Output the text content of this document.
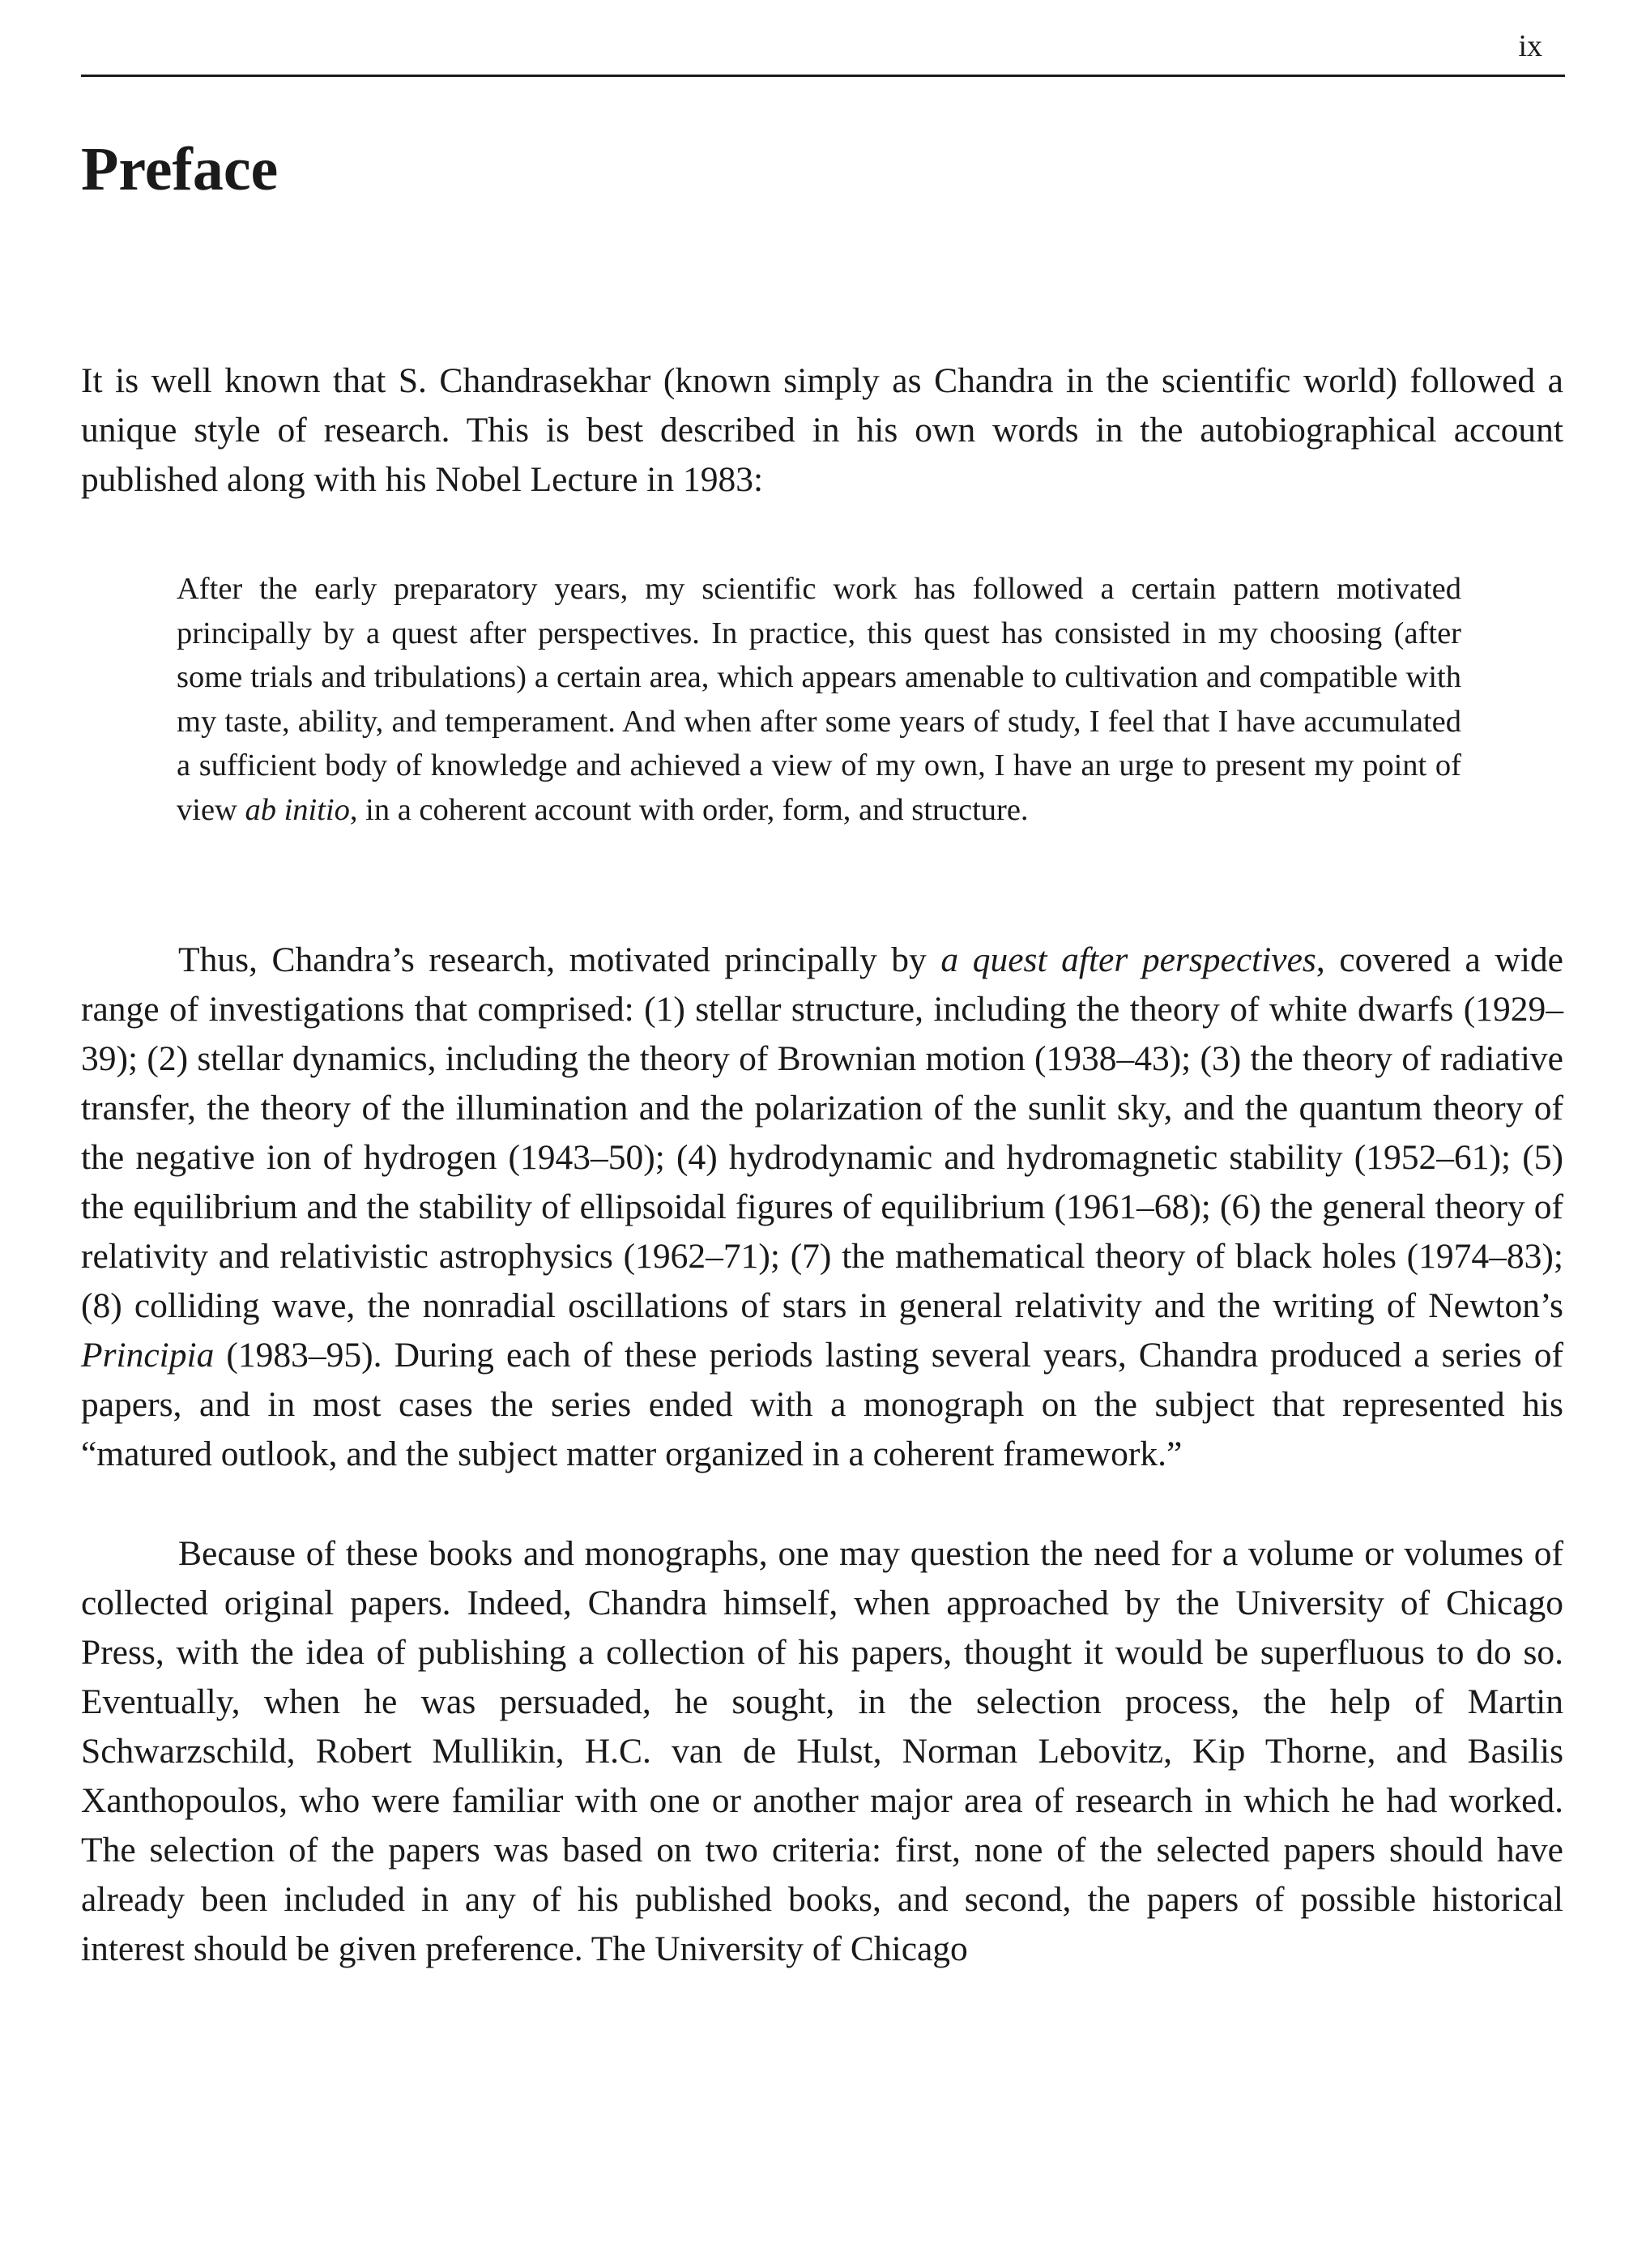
ix
Preface

It is well known that S. Chandrasekhar (known simply as Chandra in the scientific world) followed a unique style of research. This is best described in his own words in the autobiographical account published along with his Nobel Lecture in 1983:

After the early preparatory years, my scientific work has followed a certain pattern motivated principally by a quest after perspectives. In practice, this quest has consisted in my choosing (after some trials and tribulations) a certain area, which appears amenable to cultivation and compatible with my taste, ability, and temperament. And when after some years of study, I feel that I have accumulated a sufficient body of knowledge and achieved a view of my own, I have an urge to present my point of view ab initio, in a coherent account with order, form, and structure.

Thus, Chandra’s research, motivated principally by a quest after perspectives, covered a wide range of investigations that comprised: (1) stellar structure, including the theory of white dwarfs (1929–39); (2) stellar dynamics, including the theory of Brownian motion (1938–43); (3) the theory of radiative transfer, the theory of the illumination and the polarization of the sunlit sky, and the quantum theory of the negative ion of hydrogen (1943–50); (4) hydrodynamic and hydromagnetic stability (1952–61); (5) the equilibrium and the stability of ellipsoidal figures of equilibrium (1961–68); (6) the general theory of relativity and relativistic astrophysics (1962–71); (7) the mathematical theory of black holes (1974–83); (8) colliding wave, the nonradial oscillations of stars in general relativity and the writing of Newton’s Principia (1983–95). During each of these periods lasting several years, Chandra produced a series of papers, and in most cases the series ended with a monograph on the subject that represented his “matured outlook, and the subject matter organized in a coherent framework.”

Because of these books and monographs, one may question the need for a volume or volumes of collected original papers. Indeed, Chandra himself, when approached by the University of Chicago Press, with the idea of publishing a collection of his papers, thought it would be superfluous to do so. Eventually, when he was persuaded, he sought, in the selection process, the help of Martin Schwarzschild, Robert Mullikin, H.C. van de Hulst, Norman Lebovitz, Kip Thorne, and Basilis Xanthopoulos, who were familiar with one or another major area of research in which he had worked. The selection of the papers was based on two criteria: first, none of the selected papers should have already been included in any of his published books, and second, the papers of possible historical interest should be given preference. The University of Chicago
